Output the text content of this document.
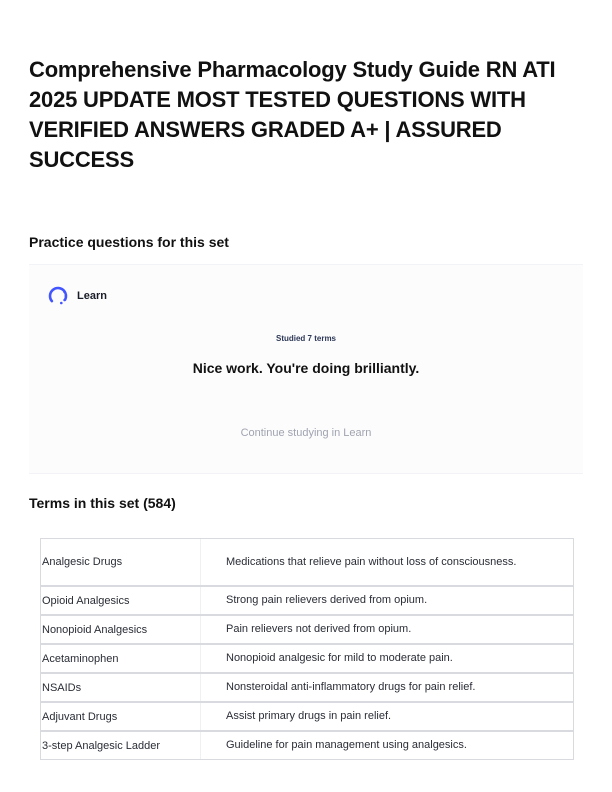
Comprehensive Pharmacology Study Guide RN ATI 2025 UPDATE MOST TESTED QUESTIONS WITH VERIFIED ANSWERS GRADED A+ | ASSURED SUCCESS
Practice questions for this set
Learn
Studied 7 terms
Nice work. You're doing brilliantly.
Continue studying in Learn
Terms in this set (584)
Analgesic Drugs	Medications that relieve pain without loss of consciousness.
Opioid Analgesics	Strong pain relievers derived from opium.
Nonopioid Analgesics	Pain relievers not derived from opium.
Acetaminophen	Nonopioid analgesic for mild to moderate pain.
NSAIDs	Nonsteroidal anti-inflammatory drugs for pain relief.
Adjuvant Drugs	Assist primary drugs in pain relief.
3-step Analgesic Ladder	Guideline for pain management using analgesics.
